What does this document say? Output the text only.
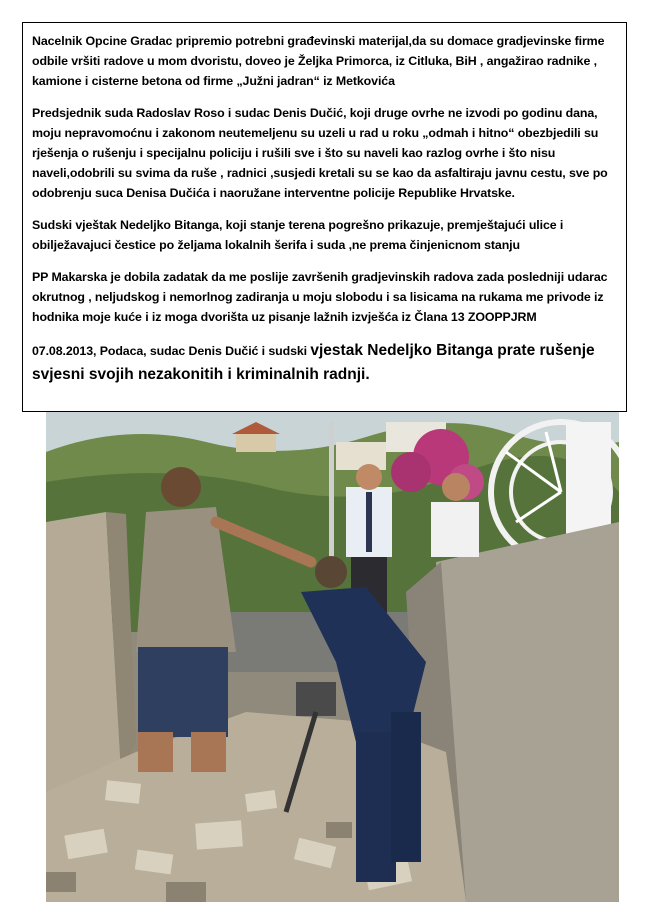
Nacelnik Opcine Gradac pripremio potrebni građevinski materijal,da su domace gradjevinske firme odbile vršiti radove u mom dvoristu, doveo je Željka Primorca, iz Citluka, BiH , angažirao radnike , kamione i cisterne betona od firme „Južni jadran“ iz Metkovića

Predsjednik suda Radoslav Roso i sudac Denis Dučić, koji druge ovrhe ne izvodi po godinu dana, moju nepravomoćnu i zakonom neutemeljenu su uzeli u rad u roku „odmah i hitno“ obezbjedili su rješenja o rušenju i specijalnu policiju i rušili sve i što su naveli kao razlog ovrhe i što nisu naveli,odobrili su svima da ruše , radnici ,susjedi kretali su se kao da asfaltiraju javnu cestu, sve po odobrenju suca Denisa Dučića i naoružane interventne policije Republike Hrvatske.

Sudski vještak Nedeljko Bitanga, koji stanje terena pogrešno prikazuje, premještajući ulice i obilježavajuci čestice po željama lokalnih šerifa i suda ,ne prema činjenicnom stanju

PP Makarska je dobila zadatak da me poslije završenih gradjevinskih radova zada posledniji udarac okrutnog , neljudskog i nemorlnog zadiranja u moju slobodu i sa lisicama na rukama me privode iz hodnika moje kuće i iz moga dvorišta uz pisanje lažnih izvješća iz Člana 13 ZOOPPJRM

07.08.2013, Podaca, sudac Denis Dučić i sudski vjestak Nedeljko Bitanga prate rušenje svjesni svojih nezakonitih i kriminalnih radnji.
